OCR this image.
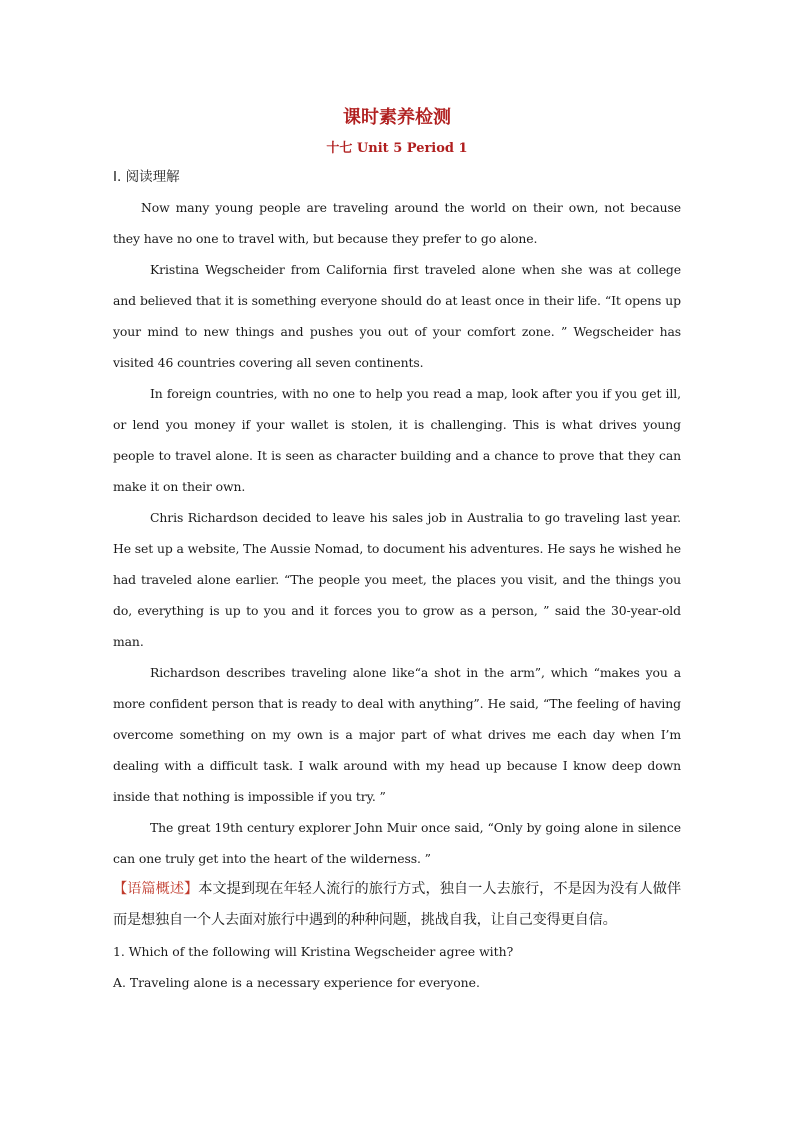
课时素养检测
十七 Unit 5 Period 1
Ⅰ. 阅读理解

Now many young people are traveling around the world on their own, not because they have no one to travel with, but because they prefer to go alone.

Kristina Wegscheider from California first traveled alone when she was at college and believed that it is something everyone should do at least once in their life. “It opens up your mind to new things and pushes you out of your comfort zone. ” Wegscheider has visited 46 countries covering all seven continents.

In foreign countries, with no one to help you read a map, look after you if you get ill, or lend you money if your wallet is stolen, it is challenging. This is what drives young people to travel alone. It is seen as character building and a chance to prove that they can make it on their own.

Chris Richardson decided to leave his sales job in Australia to go traveling last year. He set up a website, The Aussie Nomad, to document his adventures. He says he wished he had traveled alone earlier. “The people you meet, the places you visit, and the things you do, everything is up to you and it forces you to grow as a person, ” said the 30-year-old man.

Richardson describes traveling alone like“a shot in the arm”, which “makes you a more confident person that is ready to deal with anything”. He said, “The feeling of having overcome something on my own is a major part of what drives me each day when I’m dealing with a difficult task. I walk around with my head up because I know deep down inside that nothing is impossible if you try. ”

The great 19th century explorer John Muir once said, “Only by going alone in silence can one truly get into the heart of the wilderness. ”

【语篇概述】本文提到现在年轻人流行的旅行方式，独自一人去旅行，不是因为没有人做伴而是想独自一个人去面对旅行中遇到的种种问题，挑战自我，让自己变得更自信。

1. Which of the following will Kristina Wegscheider agree with?

A. Traveling alone is a necessary experience for everyone.
